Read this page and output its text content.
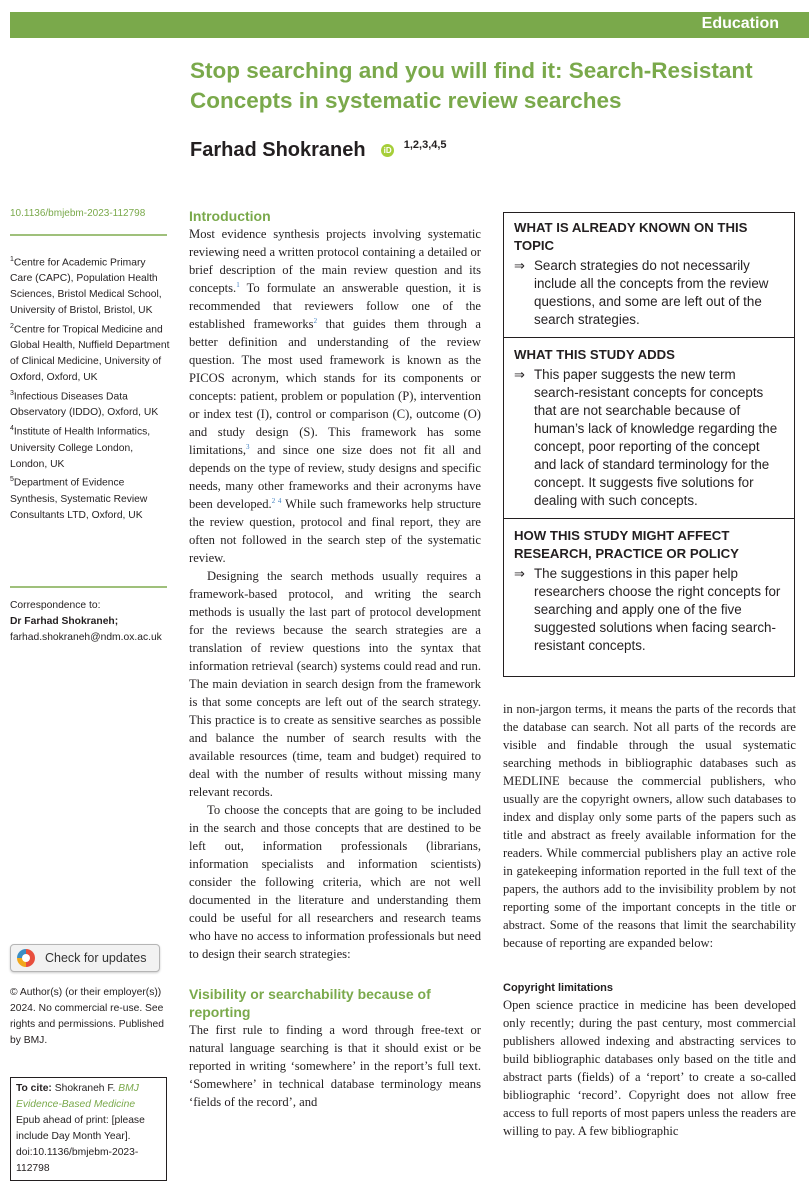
Education
Stop searching and you will find it: Search-Resistant Concepts in systematic review searches
Farhad Shokraneh iD $^{1,2,3,4,5}$
10.1136/bmjebm-2023-112798

$^1$Centre for Academic Primary Care (CAPC), Population Health Sciences, Bristol Medical School, University of Bristol, Bristol, UK

$^2$Centre for Tropical Medicine and Global Health, Nuffield Department of Clinical Medicine, University of Oxford, Oxford, UK

$^3$Infectious Diseases Data Observatory (IDDO), Oxford, UK

$^4$Institute of Health Informatics, University College London, London, UK

$^5$Department of Evidence Synthesis, Systematic Review Consultants LTD, Oxford, UK

Correspondence to:
Dr Farhad Shokraneh; farhad.shokraneh@ndm.ox.ac.uk
Check for updates
© Author(s) (or their employer(s)) 2024. No commercial re-use. See rights and permissions. Published by BMJ.
To cite: Shokraneh F. BMJ Evidence-Based Medicine Epub ahead of print: [please include Day Month Year]. doi:10.1136/bmjebm-2023-112798
Introduction

Most evidence synthesis projects involving systematic reviewing need a written protocol containing a detailed or brief description of the main review question and its concepts.$^1$ To formulate an answerable question, it is recommended that reviewers follow one of the established frameworks$^2$ that guides them through a better definition and understanding of the review question. The most used framework is known as the PICOS acronym, which stands for its components or concepts: patient, problem or population (P), intervention or index test (I), control or comparison (C), outcome (O) and study design (S). This framework has some limitations,$^3$ and since one size does not fit all and depends on the type of review, study designs and specific needs, many other frameworks and their acronyms have been developed.$^{2 4}$ While such frameworks help structure the review question, protocol and final report, they are often not followed in the search step of the systematic review.

Designing the search methods usually requires a framework-based protocol, and writing the search methods is usually the last part of protocol development for the reviews because the search strategies are a translation of review questions into the syntax that information retrieval (search) systems could read and run. The main deviation in search design from the framework is that some concepts are left out of the search strategy. This practice is to create as sensitive searches as possible and balance the number of search results with the available resources (time, team and budget) required to deal with the number of results without missing many relevant records.

To choose the concepts that are going to be included in the search and those concepts that are destined to be left out, information professionals (librarians, information specialists and information scientists) consider the following criteria, which are not well documented in the literature and understanding them could be useful for all researchers and research teams who have no access to information professionals but need to design their search strategies:

Visibility or searchability because of reporting

The first rule to finding a word through free-text or natural language searching is that it should exist or be reported in writing ‘somewhere’ in the report’s full text. ‘Somewhere’ in technical database terminology means ‘fields of the record’, and

WHAT IS ALREADY KNOWN ON THIS TOPIC

⇒ Search strategies do not necessarily include all the concepts from the review questions, and some are left out of the search strategies.

WHAT THIS STUDY ADDS

⇒ This paper suggests the new term search-resistant concepts for concepts that are not searchable because of human’s lack of knowledge regarding the concept, poor reporting of the concept and lack of standard terminology for the concept. It suggests five solutions for dealing with such concepts.

HOW THIS STUDY MIGHT AFFECT RESEARCH, PRACTICE OR POLICY

⇒ The suggestions in this paper help researchers choose the right concepts for searching and apply one of the five suggested solutions when facing search-resistant concepts.

in non-jargon terms, it means the parts of the records that the database can search. Not all parts of the records are visible and findable through the usual systematic searching methods in bibliographic databases such as MEDLINE because the commercial publishers, who usually are the copyright owners, allow such databases to index and display only some parts of the papers such as title and abstract as freely available information for the readers. While commercial publishers play an active role in gatekeeping information reported in the full text of the papers, the authors add to the invisibility problem by not reporting some of the important concepts in the title or abstract. Some of the reasons that limit the searchability because of reporting are expanded below:

Copyright limitations

Open science practice in medicine has been developed only recently; during the past century, most commercial publishers allowed indexing and abstracting services to build bibliographic databases only based on the title and abstract parts (fields) of a ‘report’ to create a so-called bibliographic ‘record’. Copyright does not allow free access to full reports of most papers unless the readers are willing to pay. A few bibliographic
